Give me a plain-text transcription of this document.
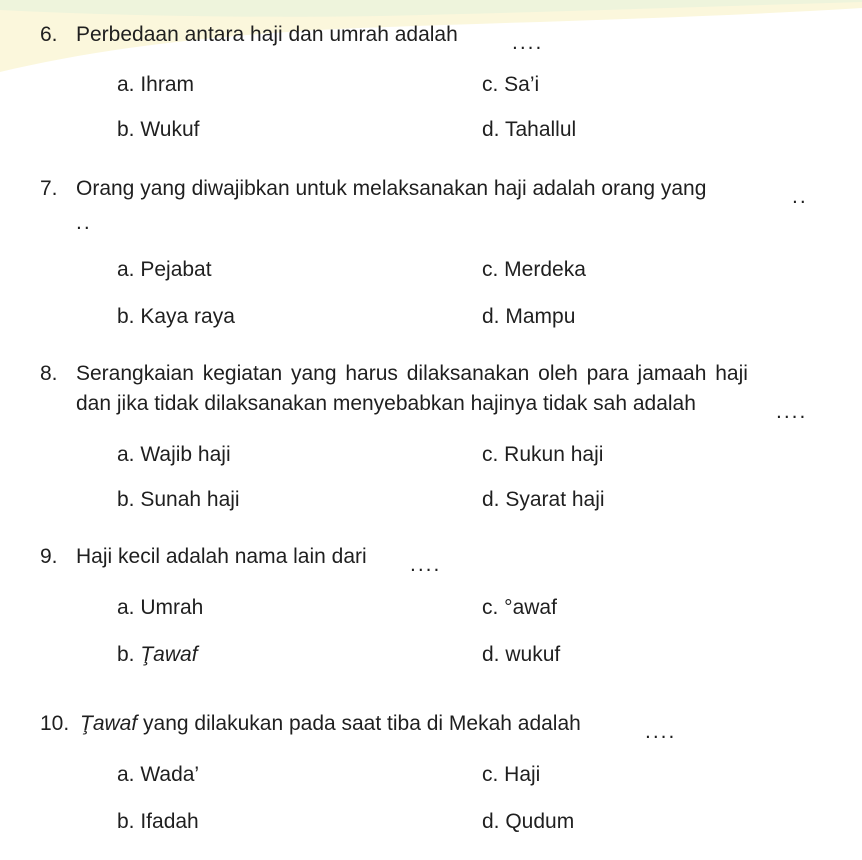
6. Perbedaan antara haji dan umrah adalah	....
a. Ihram	c. Sa’i
b. Wukuf	d. Tahallul
7. Orang yang diwajibkan untuk melaksanakan haji adalah orang yang	..
..
a. Pejabat	c. Merdeka
b. Kaya raya	d. Mampu
8. Serangkaian kegiatan yang harus dilaksanakan oleh para jamaah haji
dan jika tidak dilaksanakan menyebabkan hajinya tidak sah adalah	....
a. Wajib haji	c. Rukun haji
b. Sunah haji	d. Syarat haji
9. Haji kecil adalah nama lain dari ....
a. Umrah	c. °awaf
b. Ţawaf	d. wukuf
10. Ţawaf yang dilakukan pada saat tiba di Mekah adalah	....
a. Wada’	c. Haji
b. Ifadah	d. Qudum
